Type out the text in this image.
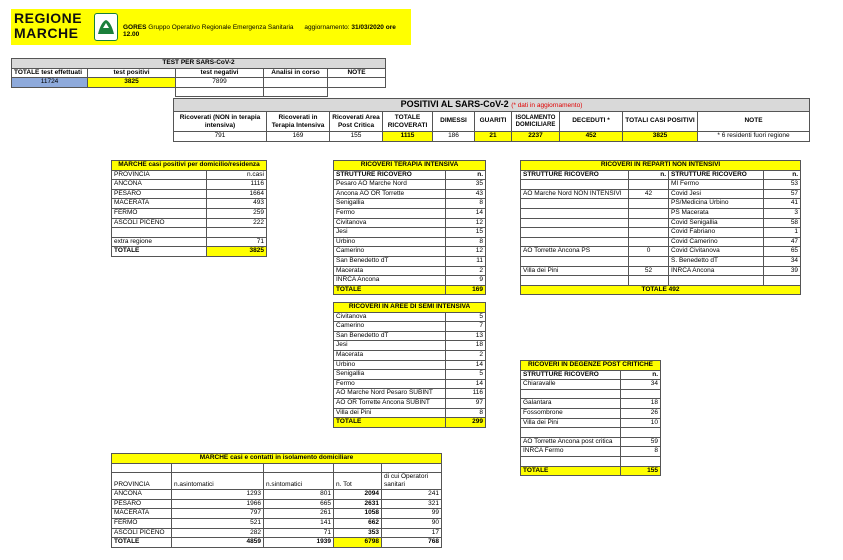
REGIONE
MARCHE	GORES Gruppo Operativo Regionale Emergenza Sanitaria aggiornamento: 31/03/2020 ore 12.00
TEST PER SARS-CoV-2				
TOTALE test effettuati	test positivi	test negativi	Analisi in corso	NOTE
11724	3825	7899		

POSITIVI AL SARS-CoV-2 (* dati in aggiornamento)									
Ricoverati (NON in terapia intensiva)	Ricoverati in Terapia Intensiva	Ricoverati Area Post Critica	TOTALE RICOVERATI	DIMESSI	GUARITI	ISOLAMENTO DOMICILIARE	DECEDUTI *	TOTALI CASI POSITIVI	NOTE
791	169	155	1115	186	21	2237	452	3825	* 6 residenti fuori regione
MARCHE casi positivi per domicilio/residenza	
PROVINCIA	n.casi
ANCONA	1116
PESARO	1664
MACERATA	493
FERMO	259
ASCOLI PICENO	222

extra regione	71
TOTALE	3825
RICOVERI TERAPIA INTENSIVA	
STRUTTURE RICOVERO	n.
Pesaro AO Marche Nord	35
Ancona AO OR Torrette	43
Senigallia	8
Fermo	14
Civitanova	12
Jesi	15
Urbino	8
Camerino	12
San Benedetto dT	11
Macerata	2
INRCA Ancona	9
TOTALE	169
RICOVERI IN AREE DI SEMI INTENSIVA	
Civitanova	5
Camerino	7
San Benedetto dT	13
Jesi	18
Macerata	2
Urbino	14
Senigallia	5
Fermo	14
AO Marche Nord Pesaro SUBINT	116
AO OR Torrette Ancona SUBINT	97
Villa dei Pini	8
TOTALE	299
RICOVERI IN REPARTI NON INTENSIVI			
STRUTTURE RICOVERO	n.	STRUTTURE RICOVERO	n.
		MI Fermo	53
AO Marche Nord NON INTENSIVI	42	Covid Jesi	57
		PS/Medicina Urbino	41
		PS Macerata	3
		Covid Senigallia	58
		Covid Fabriano	1
		Covid Camerino	47
AO Torrette Ancona PS	0	Covid Civitanova	65
		S. Benedetto dT	34
Villa dei Pini	52	INRCA Ancona	39

TOTALE 492			
RICOVERI IN DEGENZE POST CRITICHE	
STRUTTURE RICOVERO	n.
Chiaravalle	34

Galantara	18
Fossombrone	26
Villa dei Pini	10

AO Torrette Ancona post critica	59
INRCA Fermo	8

TOTALE	155
MARCHE casi e contatti in isolamento domiciliare				

PROVINCIA	n.asintomatici	n.sintomatici	n. Tot	di cui Operatori sanitari
ANCONA	1293	801	2094	241
PESARO	1966	665	2631	321
MACERATA	797	261	1058	99
FERMO	521	141	662	90
ASCOLI PICENO	282	71	353	17
TOTALE	4859	1939	6798	768
